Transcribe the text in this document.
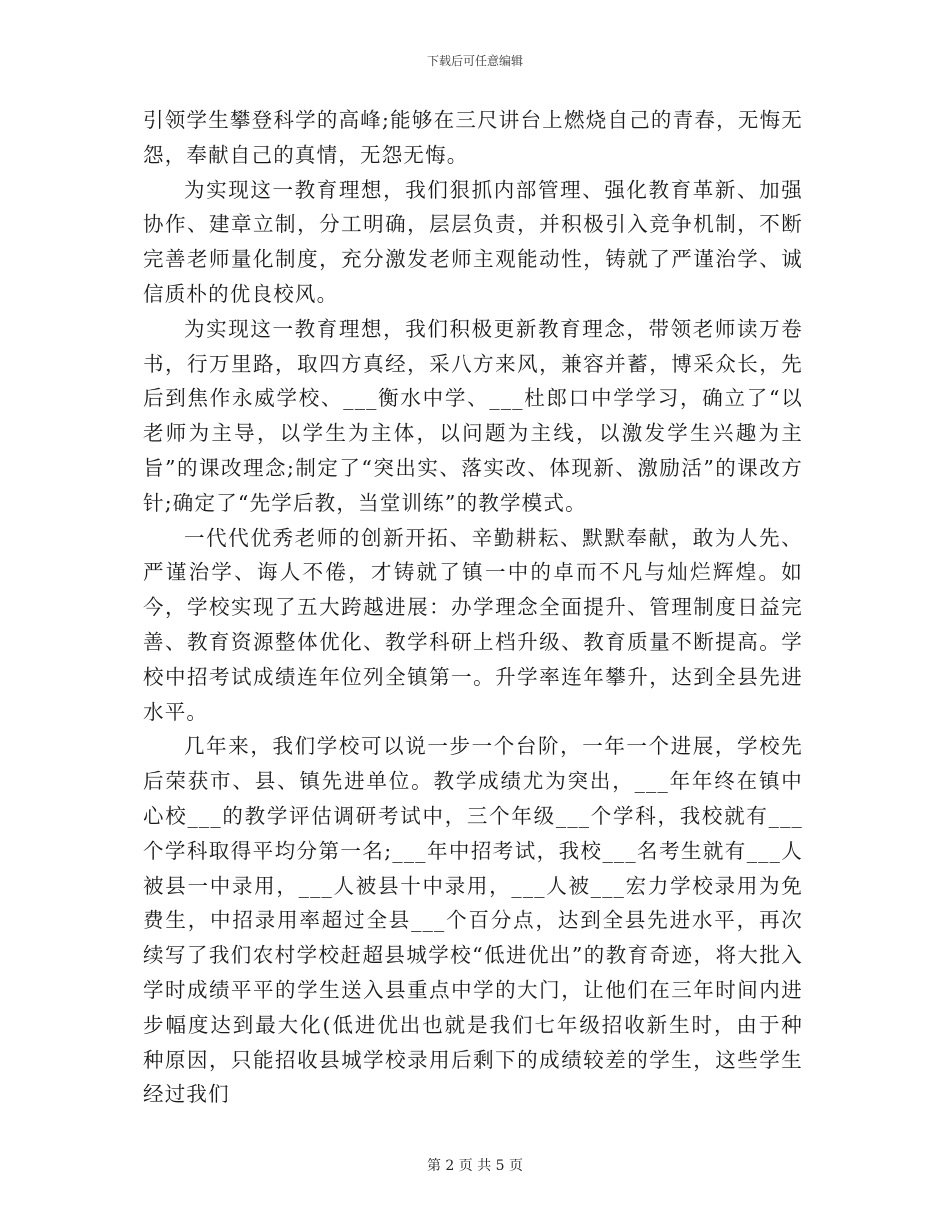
下载后可任意编辑

引领学生攀登科学的高峰;能够在三尺讲台上燃烧自己的青春，无悔无怨，奉献自己的真情，无怨无悔。

为实现这一教育理想，我们狠抓内部管理、强化教育革新、加强协作、建章立制，分工明确，层层负责，并积极引入竞争机制，不断完善老师量化制度，充分激发老师主观能动性，铸就了严谨治学、诚信质朴的优良校风。

为实现这一教育理想，我们积极更新教育理念，带领老师读万卷书，行万里路，取四方真经，采八方来风，兼容并蓄，博采众长，先后到焦作永威学校、___衡水中学、___杜郎口中学学习，确立了“以老师为主导，以学生为主体，以问题为主线，以激发学生兴趣为主旨”的课改理念;制定了“突出实、落实改、体现新、激励活”的课改方针;确定了“先学后教，当堂训练”的教学模式。

一代代优秀老师的创新开拓、辛勤耕耘、默默奉献，敢为人先、严谨治学、诲人不倦，才铸就了镇一中的卓而不凡与灿烂辉煌。如今，学校实现了五大跨越进展：办学理念全面提升、管理制度日益完善、教育资源整体优化、教学科研上档升级、教育质量不断提高。学校中招考试成绩连年位列全镇第一。升学率连年攀升，达到全县先进水平。

几年来，我们学校可以说一步一个台阶，一年一个进展，学校先后荣获市、县、镇先进单位。教学成绩尤为突出，___年年终在镇中心校___的教学评估调研考试中，三个年级___个学科，我校就有___个学科取得平均分第一名;___年中招考试，我校___名考生就有___人被县一中录用，___人被县十中录用，___人被___宏力学校录用为免费生，中招录用率超过全县___个百分点，达到全县先进水平，再次续写了我们农村学校赶超县城学校“低进优出”的教育奇迹，将大批入学时成绩平平的学生送入县重点中学的大门，让他们在三年时间内进步幅度达到最大化(低进优出也就是我们七年级招收新生时，由于种种原因，只能招收县城学校录用后剩下的成绩较差的学生，这些学生经过我们

第 2 页 共 5 页
